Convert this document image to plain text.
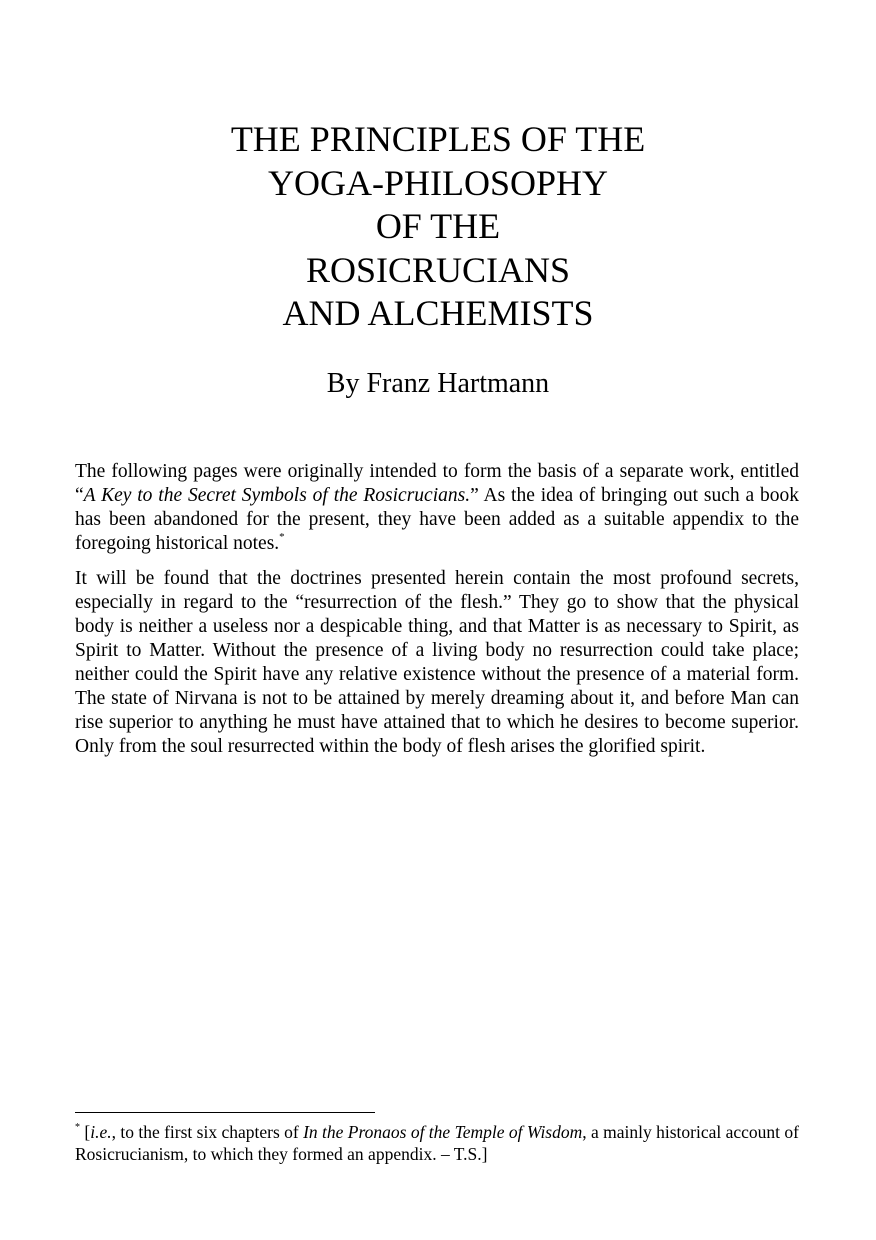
THE PRINCIPLES OF THE
YOGA-PHILOSOPHY
OF THE
ROSICRUCIANS
AND ALCHEMISTS
By Franz Hartmann

The following pages were originally intended to form the basis of a separate work, entitled “A Key to the Secret Symbols of the Rosicrucians.” As the idea of bringing out such a book has been abandoned for the present, they have been added as a suitable appendix to the foregoing historical notes.*

It will be found that the doctrines presented herein contain the most profound secrets, especially in regard to the “resurrection of the flesh.” They go to show that the physical body is neither a useless nor a despicable thing, and that Matter is as necessary to Spirit, as Spirit to Matter. Without the presence of a living body no resurrection could take place; neither could the Spirit have any relative existence without the presence of a material form. The state of Nirvana is not to be attained by merely dreaming about it, and before Man can rise superior to anything he must have attained that to which he desires to become superior. Only from the soul resurrected within the body of flesh arises the glorified spirit.

* [i.e., to the first six chapters of In the Pronaos of the Temple of Wisdom, a mainly historical account of Rosicrucianism, to which they formed an appendix. – T.S.]
